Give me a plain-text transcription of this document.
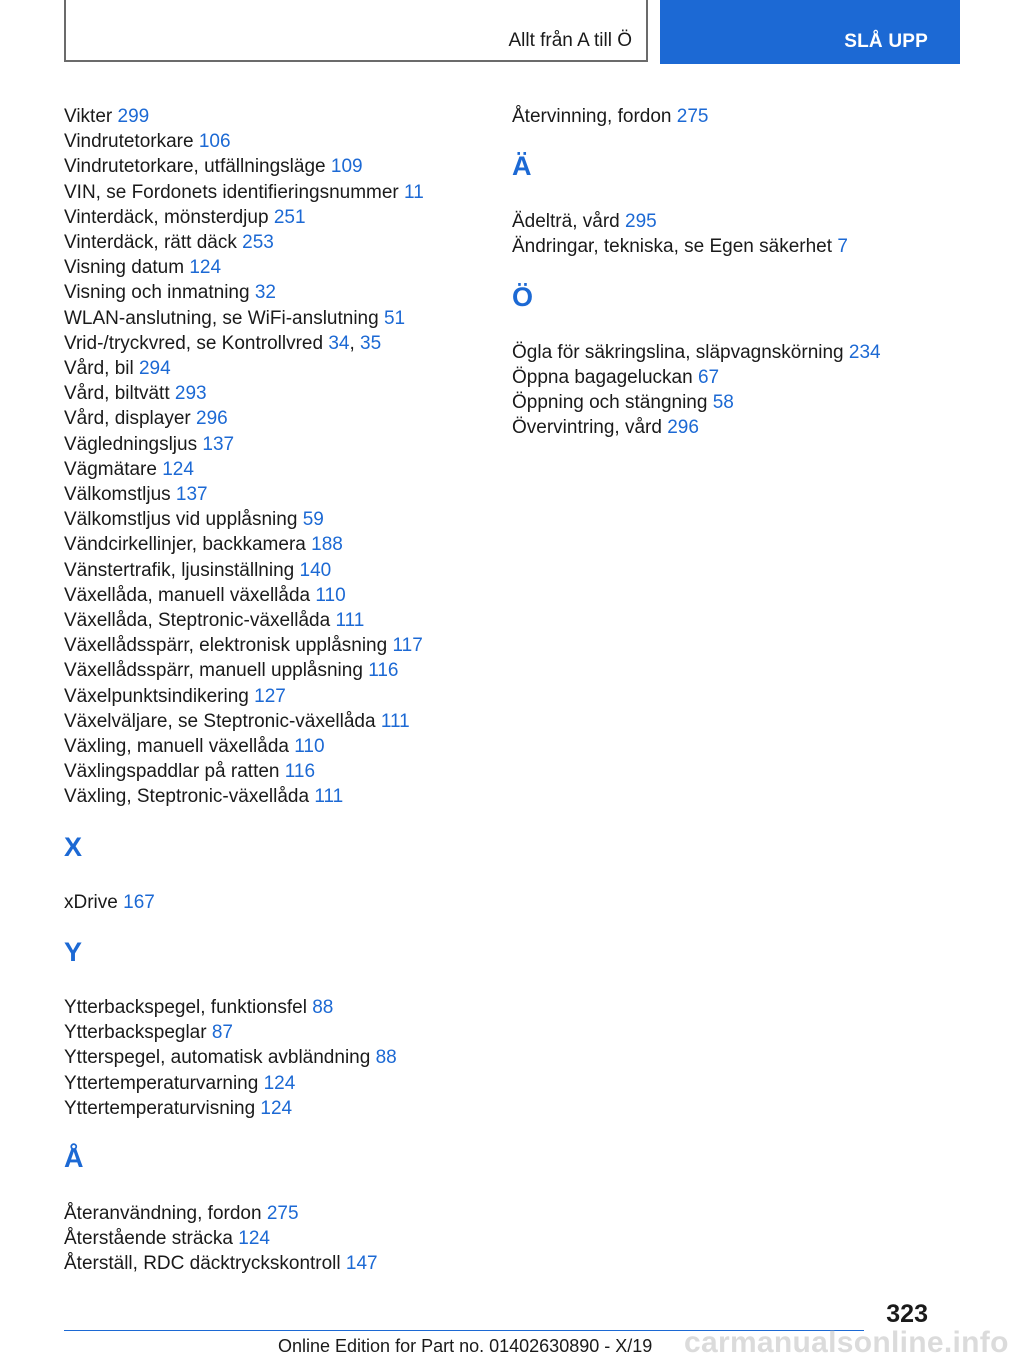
Allt från A till Ö	SLÅ UPP
Vikter 299
Vindrutetorkare 106
Vindrutetorkare, utfällningsläge 109
VIN, se Fordonets identifieringsnummer 11
Vinterdäck, mönsterdjup 251
Vinterdäck, rätt däck 253
Visning datum 124
Visning och inmatning 32
WLAN-anslutning, se WiFi-anslutning 51
Vrid-/tryckvred, se Kontrollvred 34, 35
Vård, bil 294
Vård, biltvätt 293
Vård, displayer 296
Vägledningsljus 137
Vägmätare 124
Välkomstljus 137
Välkomstljus vid upplåsning 59
Vändcirkellinjer, backkamera 188
Vänstertrafik, ljusinställning 140
Växellåda, manuell växellåda 110
Växellåda, Steptronic-växellåda 111
Växellådsspärr, elektronisk upplåsning 117
Växellådsspärr, manuell upplåsning 116
Växelpunktsindikering 127
Växelväljare, se Steptronic-växellåda 111
Växling, manuell växellåda 110
Växlingspaddlar på ratten 116
Växling, Steptronic-växellåda 111
X
xDrive 167
Y
Ytterbackspegel, funktionsfel 88
Ytterbackspeglar 87
Ytterspegel, automatisk avbländning 88
Yttertemperaturvarning 124
Yttertemperaturvisning 124
Å
Återanvändning, fordon 275
Återstående sträcka 124
Återställ, RDC däcktryckskontroll 147
Återvinning, fordon 275
Ä
Ädelträ, vård 295
Ändringar, tekniska, se Egen säkerhet 7
Ö
Ögla för säkringslina, släpvagnskörning 234
Öppna bagageluckan 67
Öppning och stängning 58
Övervintring, vård 296
323
Online Edition for Part no. 01402630890 - X/19 carmanualsonline.info
